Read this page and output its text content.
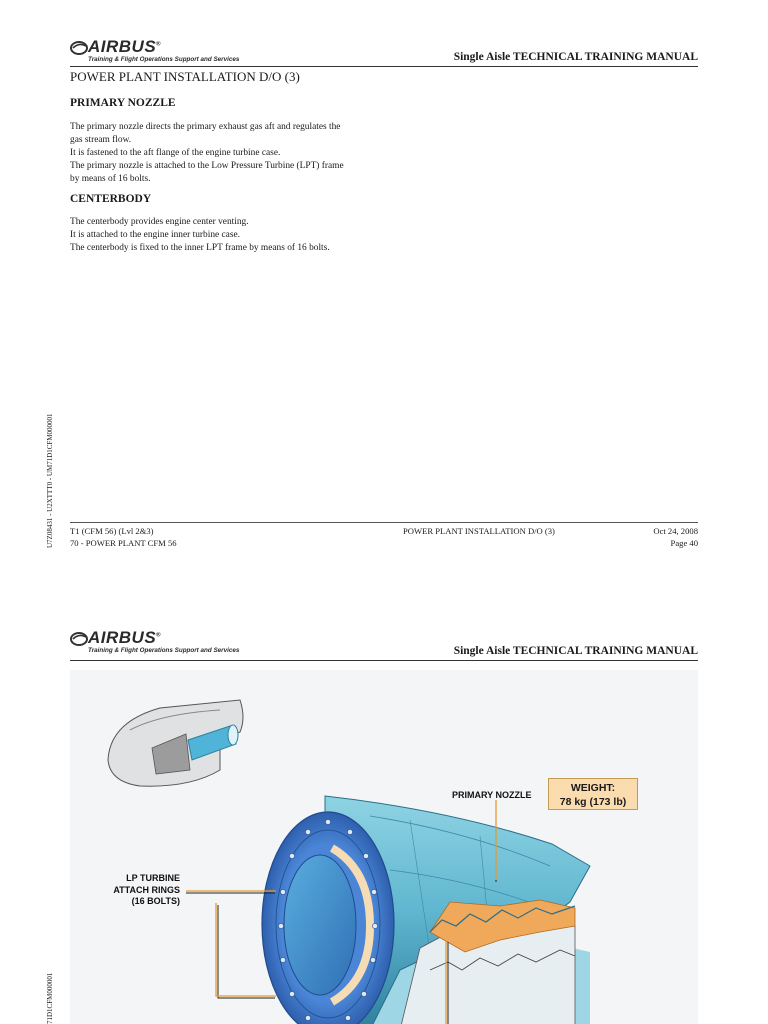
AIRBUS®
Training & Flight Operations Support and Services	Single Aisle TECHNICAL TRAINING MANUAL
POWER PLANT INSTALLATION D/O (3)
PRIMARY NOZZLE
The primary nozzle directs the primary exhaust gas aft and regulates the
gas stream flow.
It is fastened to the aft flange of the engine turbine case.
The primary nozzle is attached to the Low Pressure Turbine (LPT) frame
by means of 16 bolts.
CENTERBODY
The centerbody provides engine center venting.
It is attached to the engine inner turbine case.
The centerbody is fixed to the inner LPT frame by means of 16 bolts.
U7Z08431 - U2XTTT0 - UM71D1CFM000001 T1 (CFM 56) (Lvl 2&3)
70 - POWER PLANT CFM 56
POWER PLANT INSTALLATION D/O (3)	Oct 24, 2008
Page 40
AIRBUS®
Training & Flight Operations Support and Services	Single Aisle TECHNICAL TRAINING MANUAL
PRIMARY NOZZLE
WEIGHT:
78 kg (173 lb)
LP TURBINE
ATTACH RINGS
(16 BOLTS)
71D1CFM000001
